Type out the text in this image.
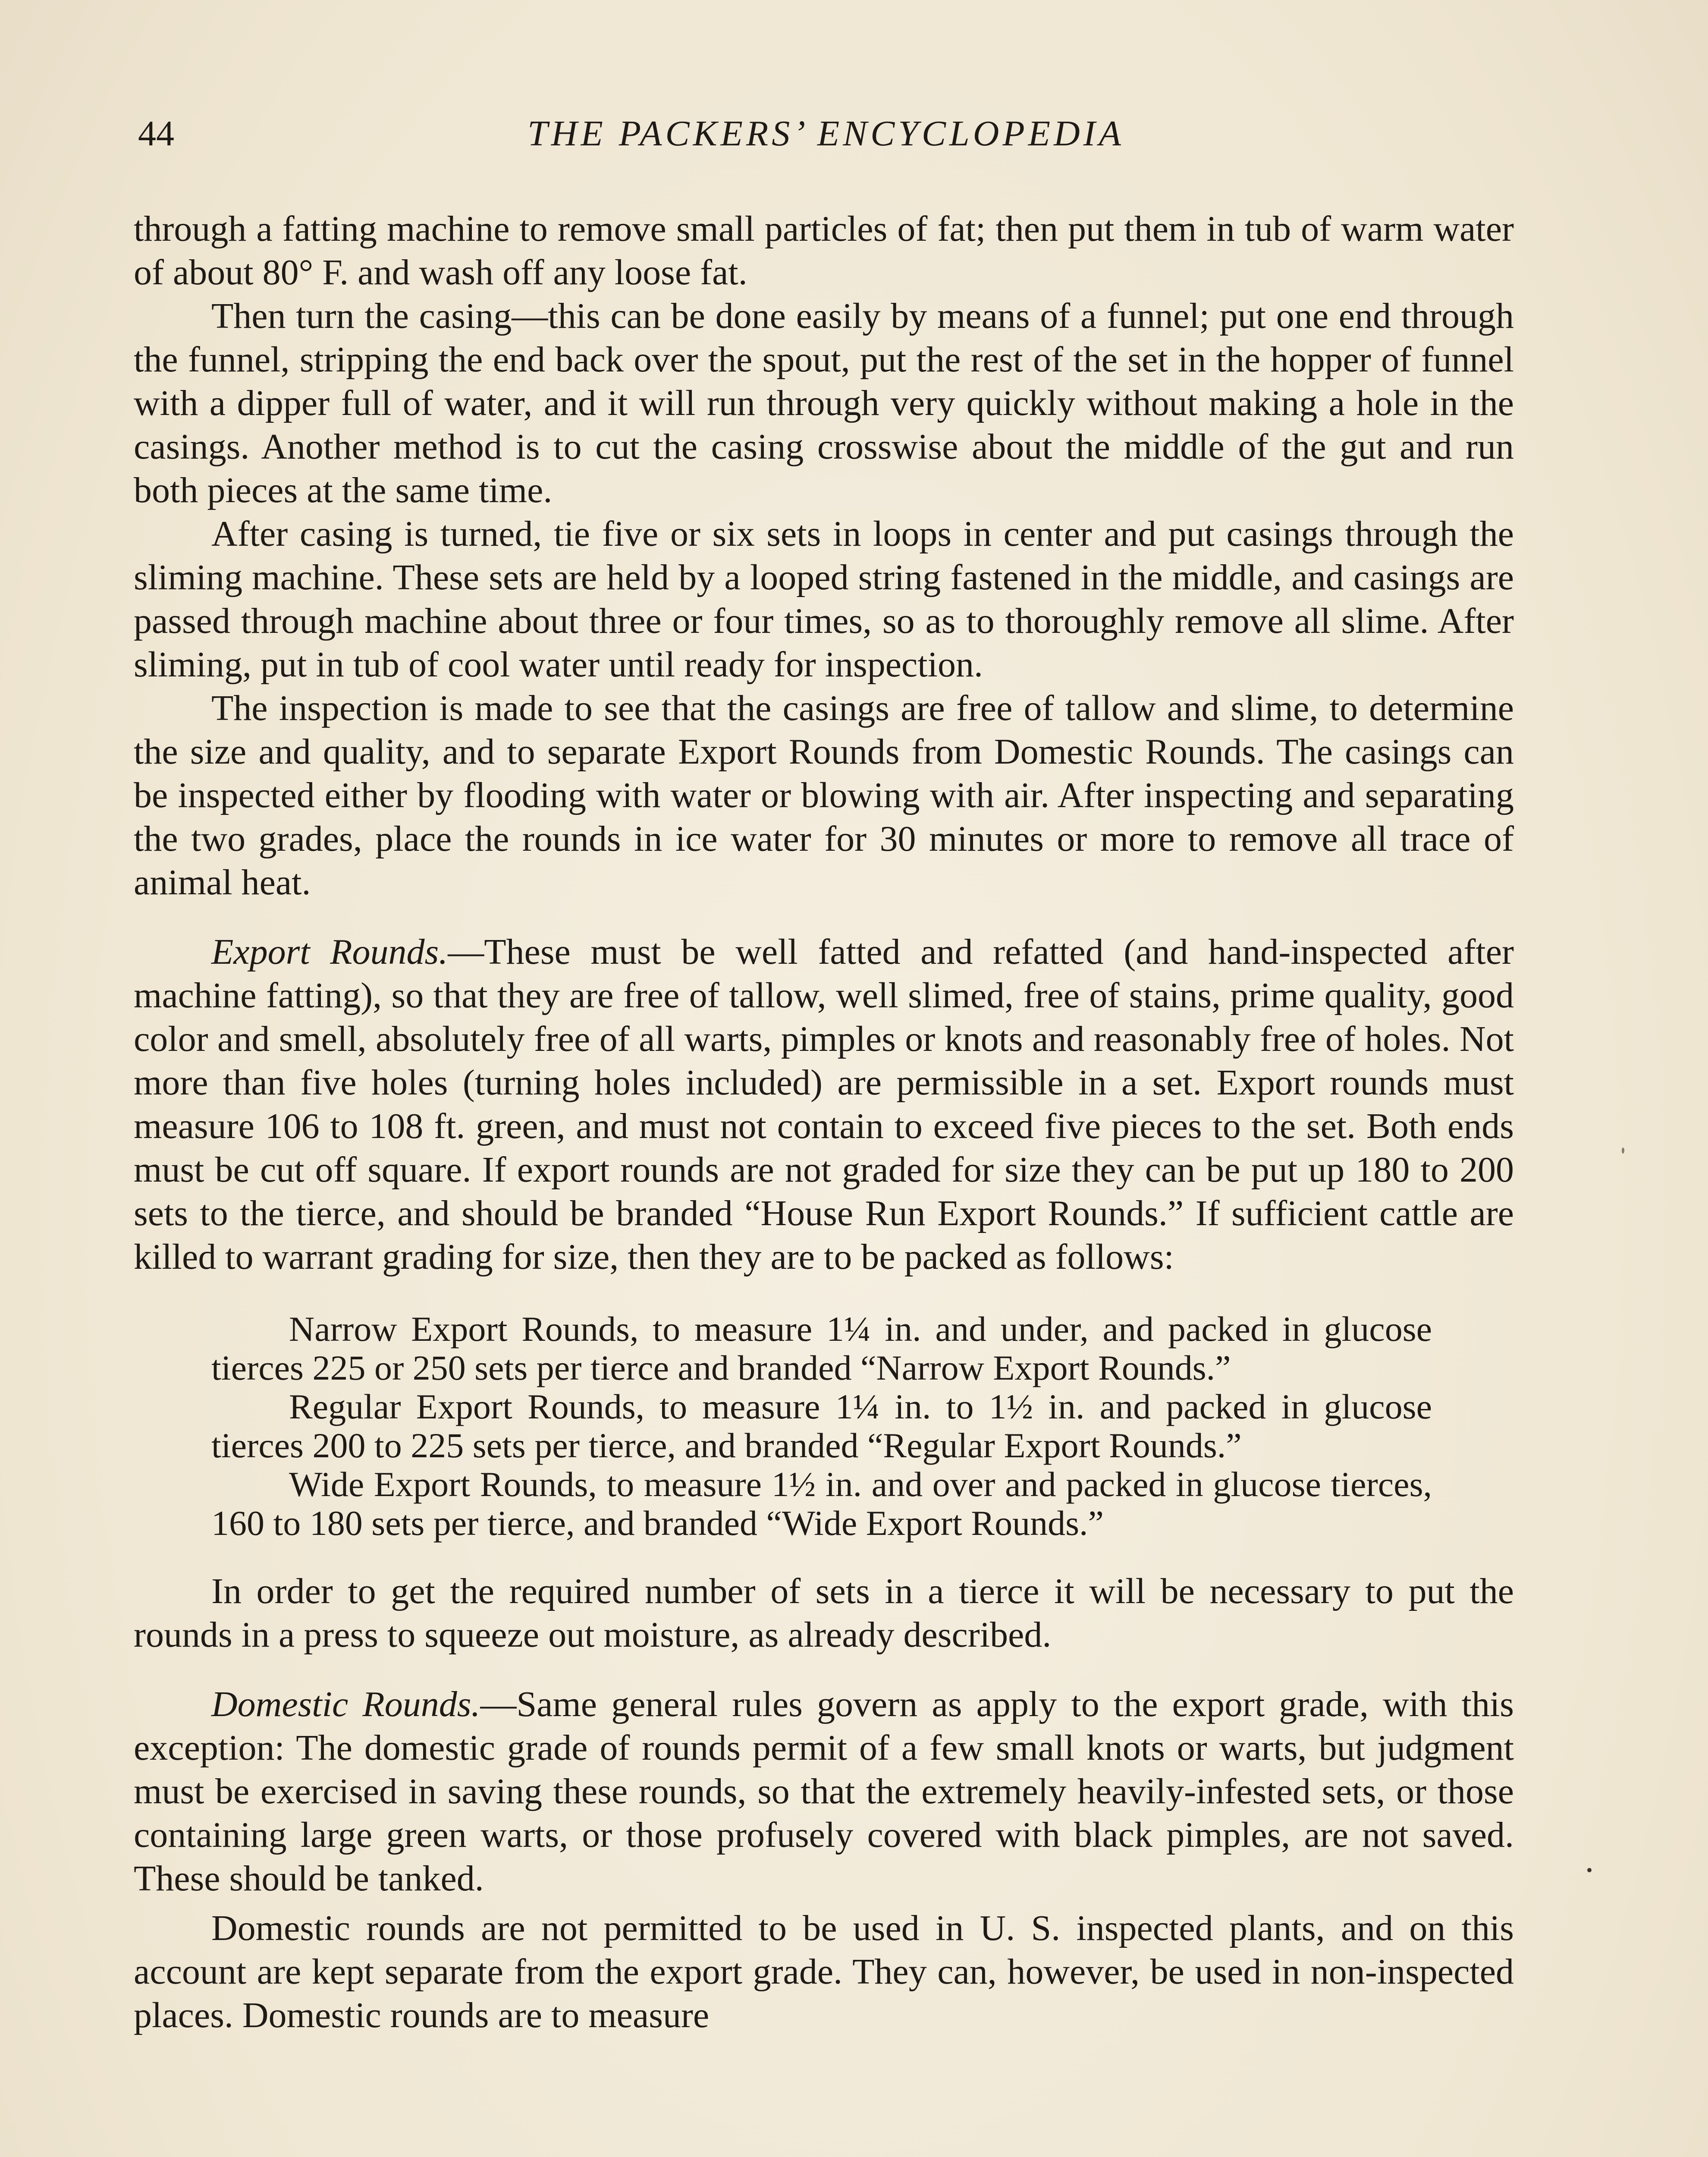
44	THE PACKERS’ ENCYCLOPEDIA

through a fatting machine to remove small particles of fat; then put them in tub of warm water of about 80° F. and wash off any loose fat.

Then turn the casing—this can be done easily by means of a funnel; put one end through the funnel, stripping the end back over the spout, put the rest of the set in the hopper of funnel with a dipper full of water, and it will run through very quickly without making a hole in the casings. Another method is to cut the casing crosswise about the middle of the gut and run both pieces at the same time.

After casing is turned, tie five or six sets in loops in center and put casings through the sliming machine. These sets are held by a looped string fastened in the middle, and casings are passed through machine about three or four times, so as to thoroughly remove all slime. After sliming, put in tub of cool water until ready for inspection.

The inspection is made to see that the casings are free of tallow and slime, to determine the size and quality, and to separate Export Rounds from Domestic Rounds. The casings can be inspected either by flooding with water or blowing with air. After inspecting and separating the two grades, place the rounds in ice water for 30 minutes or more to remove all trace of animal heat.

Export Rounds.—These must be well fatted and refatted (and hand-inspected after machine fatting), so that they are free of tallow, well slimed, free of stains, prime quality, good color and smell, absolutely free of all warts, pimples or knots and reasonably free of holes. Not more than five holes (turning holes included) are permissible in a set. Export rounds must measure 106 to 108 ft. green, and must not contain to exceed five pieces to the set. Both ends must be cut off square. If export rounds are not graded for size they can be put up 180 to 200 sets to the tierce, and should be branded “House Run Export Rounds.” If sufficient cattle are killed to warrant grading for size, then they are to be packed as follows:

Narrow Export Rounds, to measure 1¼ in. and under, and packed in glucose tierces 225 or 250 sets per tierce and branded “Narrow Export Rounds.”

Regular Export Rounds, to measure 1¼ in. to 1½ in. and packed in glucose tierces 200 to 225 sets per tierce, and branded “Regular Export Rounds.”

Wide Export Rounds, to measure 1½ in. and over and packed in glucose tierces, 160 to 180 sets per tierce, and branded “Wide Export Rounds.”

In order to get the required number of sets in a tierce it will be necessary to put the rounds in a press to squeeze out moisture, as already described.

Domestic Rounds.—Same general rules govern as apply to the export grade, with this exception: The domestic grade of rounds permit of a few small knots or warts, but judgment must be exercised in saving these rounds, so that the extremely heavily-infested sets, or those containing large green warts, or those profusely covered with black pimples, are not saved. These should be tanked.

Domestic rounds are not permitted to be used in U. S. inspected plants, and on this account are kept separate from the export grade. They can, however, be used in non-inspected places. Domestic rounds are to measure
